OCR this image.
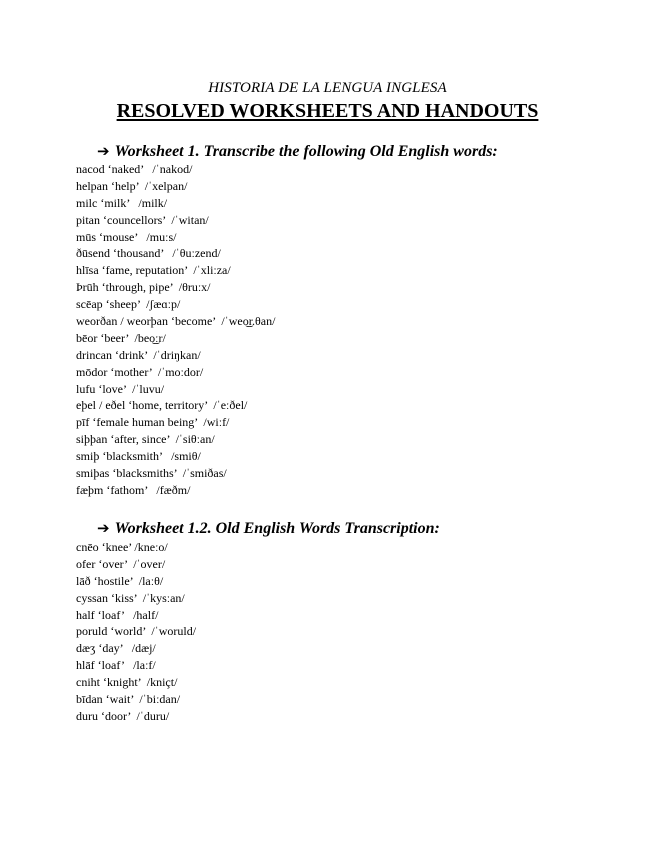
HISTORIA DE LA LENGUA INGLESA
RESOLVED WORKSHEETS AND HANDOUTS
➔ Worksheet 1. Transcribe the following Old English words:
nacod ‘naked’   /ˈnakod/
helpan ‘help’  /ˈxelpan/
milc ‘milk’   /milk/
pitan ‘councellors’  /ˈwitan/
mūs ‘mouse’   /muːs/
ðūsend ‘thousand’   /ˈθuːzend/
hlīsa ‘fame, reputation’  /ˈxliːza/
Þrūh ‘through, pipe’  /θruːx/
scēap ‘sheep’  /ʃæɑːp/
weorðan / weorþan ‘become’  /ˈweo͜r.θan/
bēor ‘beer’  /beo͜ːr/
drincan ‘drink’  /ˈdriŋkan/
mōdor ‘mother’  /ˈmoːdor/
lufu ‘love’  /ˈluvu/
eþel / eðel ‘home, territory’  /ˈeːðel/
pīf ‘female human being’  /wiːf/
siþþan ‘after, since’  /ˈsiθːan/
smiþ ‘blacksmith’   /smiθ/
smiþas ‘blacksmiths’  /ˈsmiðas/
fæþm ‘fathom’   /fæðm/
➔ Worksheet 1.2. Old English Words Transcription:
cnēo ‘knee’ /kneːo/
ofer ‘over’  /ˈover/
lāð ‘hostile’  /laːθ/
cyssan ‘kiss’  /ˈkysːan/
half ‘loaf’   /half/
poruld ‘world’  /ˈworuld/
dæʒ ‘day’   /dæj/
hlāf ‘loaf’   /laːf/
cniht ‘knight’  /kniçt/
bīdan ‘wait’  /ˈbiːdan/
duru ‘door’  /ˈduru/
